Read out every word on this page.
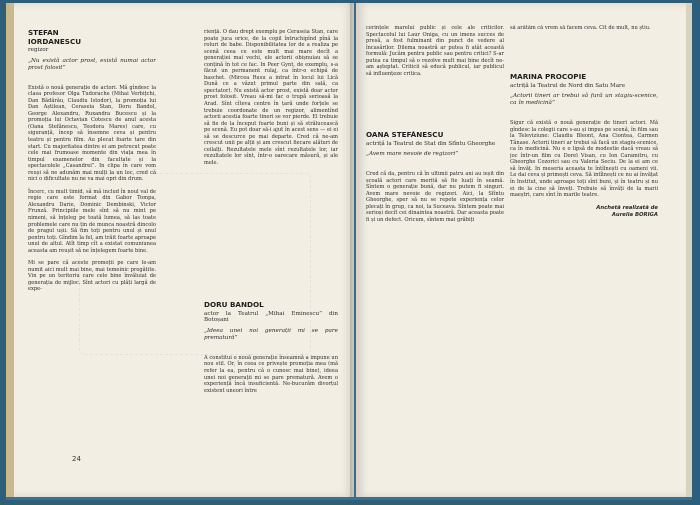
STEFAN
IORDANESCU
regizor
„Nu există actor prost, există numai actor prost folosit”

Există o nouă generație de actori. Mă gîndesc la clasa profesor Olga Tudorache (Mihai Verbițchi, Dan Bădărău, Claudiu Istodor), la promoția lui Dan Aștilean, Ceraseia Stan, Doru Bandol, George Alexandru, Ruxandra Bucescu și la promoția lui Octavian Cotescu de anul acesta (Oana Stefănescu, Teodora Mares) care, cu siguranță, încep să însemne ceva și pentru teatru și pentru film. Au plecat foarte tare din start. Cu majoritatea dintre ei am petrecut poate cele mai frumoase momente din viața mea în timpul examenelor din facultate și la spectacolele „Casandrei”. In clipa în care vom reuși să ne adunăm mai mulți la un loc, cred că nici o dificultate nu ne va mai opri din drum.

Încerc, cu mult timid, să mă includ în noul val de regie care este format din Gabor Tompa, Alexandru Darie, Dominic Dembinski, Victor Frunză. Principiile mele sînt să nu mint pe nimeni, să înțeleg pe toată lumea, să las toate problemele care nu țin de munca noastră dincolo de pragul ușii. Să fim toți pentru unul și unul pentru toți. Gîndim la fel, am trăit foarte aproape unul de altul. Atît timp cît a existat comuniunea aceasta am reușit să ne înțelegem foarte bine.

Mi se pare că aceste promoții pe care le-am numit aici mult mai bine, mai temeinic pregătite. Vin pe un teritoriu care cele bine învăluiat de generația de mijloc. Sînt actori cu plăți largă de expe-

riență. O dau drept exemplu pe Ceraseia Stan, care poate juca orice, de la copil întruchipînd pînă la roluri de babe. Disponibilitatea lor de a realiza pe scenă ceea ce este mult mai mare decît a generației mai vechi, ele actorii obișnuiau să se conțină în tot ce fac. In Peer Gynt, de exemplu, s-a făcut un permanent rulaj, ca într-o echipă de baschet. (Mircea Rusu a intrat în locul lui Lică Dună ce a văzut primul parte din sală, ca spectator). Nu există actor prost, există doar actor prost folosit. Vreau să-mi fac o trupă serioasă la Arad. Sînt cîteva centre în țară unde forțele se trebuie coordonate de un regizor, alimentînd actorii acestia foarte tineri se vor pierde. El trebuie să fie de la început foarte buni și să strălucească pe scenă. Eu pot doar să-i ajut în acest sens — ei ei să se descurce pe mai departe. Cred că ne-am crescut unii pe alții și am crescut fiecare alături de ceilalți. Rezultatele mele sînt rezultatele lor, iar rezultatele lor sînt, într-o oarecare măsură, și ale mele.

DORU BANDOL
actor la Teatrul „Mihai Eminescu” din Botoșani
„Ideea unei noi generații mi se pare prematură”

A constitui o nouă generație înseamnă a impune un nou stil. Or, în ceea ce privește promoția mea (mă refer la ea, pentru că o cunosc mai bine), ideea unei noi generații mi se pare prematură. Avem o experiență încă insuficientă. Ne-bucurăm divorțul existent uneori între

24

cerințele marelui public și cele ale criticilor. Spectacolul lui Laur Oniga, cu un imens succes de presă, a fost fulminant din punct de vedere al încasărilor. Dilema noastră ar putea fi atât această formulă: Jucăm pentru public sau pentru critici? S-ar putea ca timpul să o rezolve mult mai bine decît ne-am așteptat. Criticii să educă publicul, iar publicul să influențeze critica.

OANA STEFĂNESCU
actriță la Teatrul de Stat din Sfîntu Gheorghe
„Avem mare nevoie de regizori”

Cred că da, pentru că în ultimii patru ani au ieșit din școală actori care merită să fie luați în seamă. Sîntem o generație bună, dar nu putem fi singuri. Avem mare nevoie de regizori. Aici, la Sfîntu Gheorghe, sper să nu se repete experiența celor plecați în grup, ca noi, la Suceava. Sîntem poate mai serioși decît cei dinaintea noastră. Dar aceasta poate fi și un defect. Oricum, sîntem mai grăbiți

să arătăm că vrem să facem ceva. Cît de mult, nu știu.

MARINA PROCOPIE
actriță la Teatrul de Nord din Satu Mare
„Actorii tineri ar trebui să fură un stagiu-scenice, ca în medicină”

Sigur că există o nouă generație de tineri actori. Mă gîndesc la colegii care s-au și impus pe scenă, în film sau la Televiziune: Claudiu Bleont, Ana Ciontea, Carmen Tănase. Actorii tineri ar trebui să facă un stagiu-scenice, ca în medicină. Nu e o lipsă de modestie dacă vreau să joc într-un film cu Dorel Visan, cu Ion Caramitru, cu Gheorghe Cozorici sau cu Valeria Seciu. De la ei am ce să învăț. In meseria aceasta te întîlnești cu oameni vii. Le dai ceva și primești ceva. Să intîlnești ce nu ai învățat în Institut, unde aproape toți sînt buni, și în teatru și nu ei de la cine să înveți. Trebuie să învăți de la marii maeștri, care sînt în marile teatre.

Anchetă realizată de
Aurelia BORIGA
